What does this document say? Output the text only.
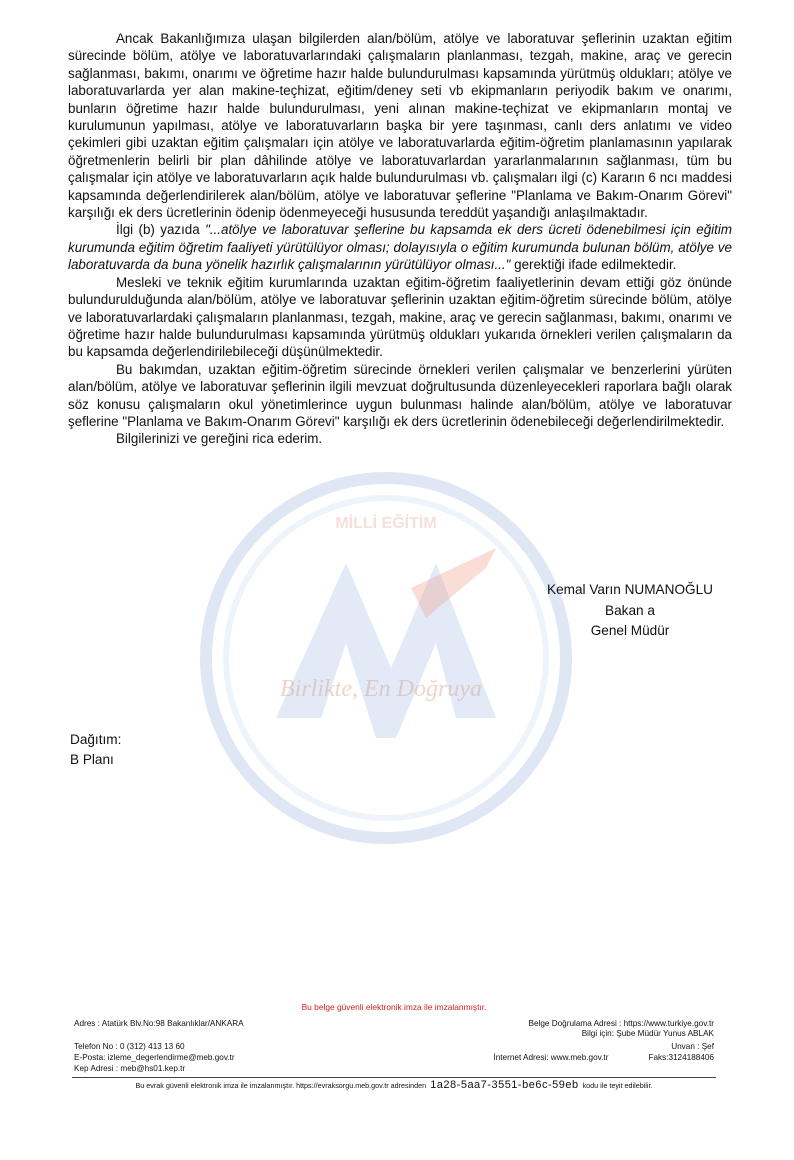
MİLLİ EĞİTİM
Birlikte, En Doğruya

Ancak Bakanlığımıza ulaşan bilgilerden alan/bölüm, atölye ve laboratuvar şeflerinin uzaktan eğitim sürecinde bölüm, atölye ve laboratuvarlarındaki çalışmaların planlanması, tezgah, makine, araç ve gerecin sağlanması, bakımı, onarımı ve öğretime hazır halde bulundurulması kapsamında yürütmüş oldukları; atölye ve laboratuvarlarda yer alan makine-teçhizat, eğitim/deney seti vb ekipmanların periyodik bakım ve onarımı, bunların öğretime hazır halde bulundurulması, yeni alınan makine-teçhizat ve ekipmanların montaj ve kurulumunun yapılması, atölye ve laboratuvarların başka bir yere taşınması, canlı ders anlatımı ve video çekimleri gibi uzaktan eğitim çalışmaları için atölye ve laboratuvarlarda eğitim-öğretim planlamasının yapılarak öğretmenlerin belirli bir plan dâhilinde atölye ve laboratuvarlardan yararlanmalarının sağlanması, tüm bu çalışmalar için atölye ve laboratuvarların açık halde bulundurulması vb. çalışmaları ilgi (c) Kararın 6 ncı maddesi kapsamında değerlendirilerek alan/bölüm, atölye ve laboratuvar şeflerine "Planlama ve Bakım-Onarım Görevi" karşılığı ek ders ücretlerinin ödenip ödenmeyeceği hususunda tereddüt yaşandığı anlaşılmaktadır.

İlgi (b) yazıda "...atölye ve laboratuvar şeflerine bu kapsamda ek ders ücreti ödenebilmesi için eğitim kurumunda eğitim öğretim faaliyeti yürütülüyor olması; dolayısıyla o eğitim kurumunda bulunan bölüm, atölye ve laboratuvarda da buna yönelik hazırlık çalışmalarının yürütülüyor olması..." gerektiği ifade edilmektedir.

Mesleki ve teknik eğitim kurumlarında uzaktan eğitim-öğretim faaliyetlerinin devam ettiği göz önünde bulundurulduğunda alan/bölüm, atölye ve laboratuvar şeflerinin uzaktan eğitim-öğretim sürecinde bölüm, atölye ve laboratuvarlardaki çalışmaların planlanması, tezgah, makine, araç ve gerecin sağlanması, bakımı, onarımı ve öğretime hazır halde bulundurulması kapsamında yürütmüş oldukları yukarıda örnekleri verilen çalışmaların da bu kapsamda değerlendirilebileceği düşünülmektedir.

Bu bakımdan, uzaktan eğitim-öğretim sürecinde örnekleri verilen çalışmalar ve benzerlerini yürüten alan/bölüm, atölye ve laboratuvar şeflerinin ilgili mevzuat doğrultusunda düzenleyecekleri raporlara bağlı olarak söz konusu çalışmaların okul yönetimlerince uygun bulunması halinde alan/bölüm, atölye ve laboratuvar şeflerine "Planlama ve Bakım-Onarım Görevi" karşılığı ek ders ücretlerinin ödenebileceği değerlendirilmektedir.

Bilgilerinizi ve gereğini rica ederim.

Kemal Varın NUMANOĞLU
Bakan a
Genel Müdür
Dağıtım:
B Planı
Bu belge güvenli elektronik imza ile imzalanmıştır.
Adres : Atatürk Blv.No:98 Bakanlıklar/ANKARA	Belge Doğrulama Adresi : https://www.turkiye.gov.tr
Bilgi için: Şube Müdür Yunus ABLAK
Unvan : Şef
Telefon No : 0 (312) 413 13 60
E-Posta: izleme_degerlendirme@meb.gov.tr	İnternet Adresi: www.meb.gov.tr	Faks:3124188406
Kep Adresi : meb@hs01.kep.tr
Bu evrak güvenli elektronik imza ile imzalanmıştır. https://evraksorgu.meb.gov.tr adresinden 1a28-5aa7-3551-be6c-59eb kodu ile teyit edilebilir.
